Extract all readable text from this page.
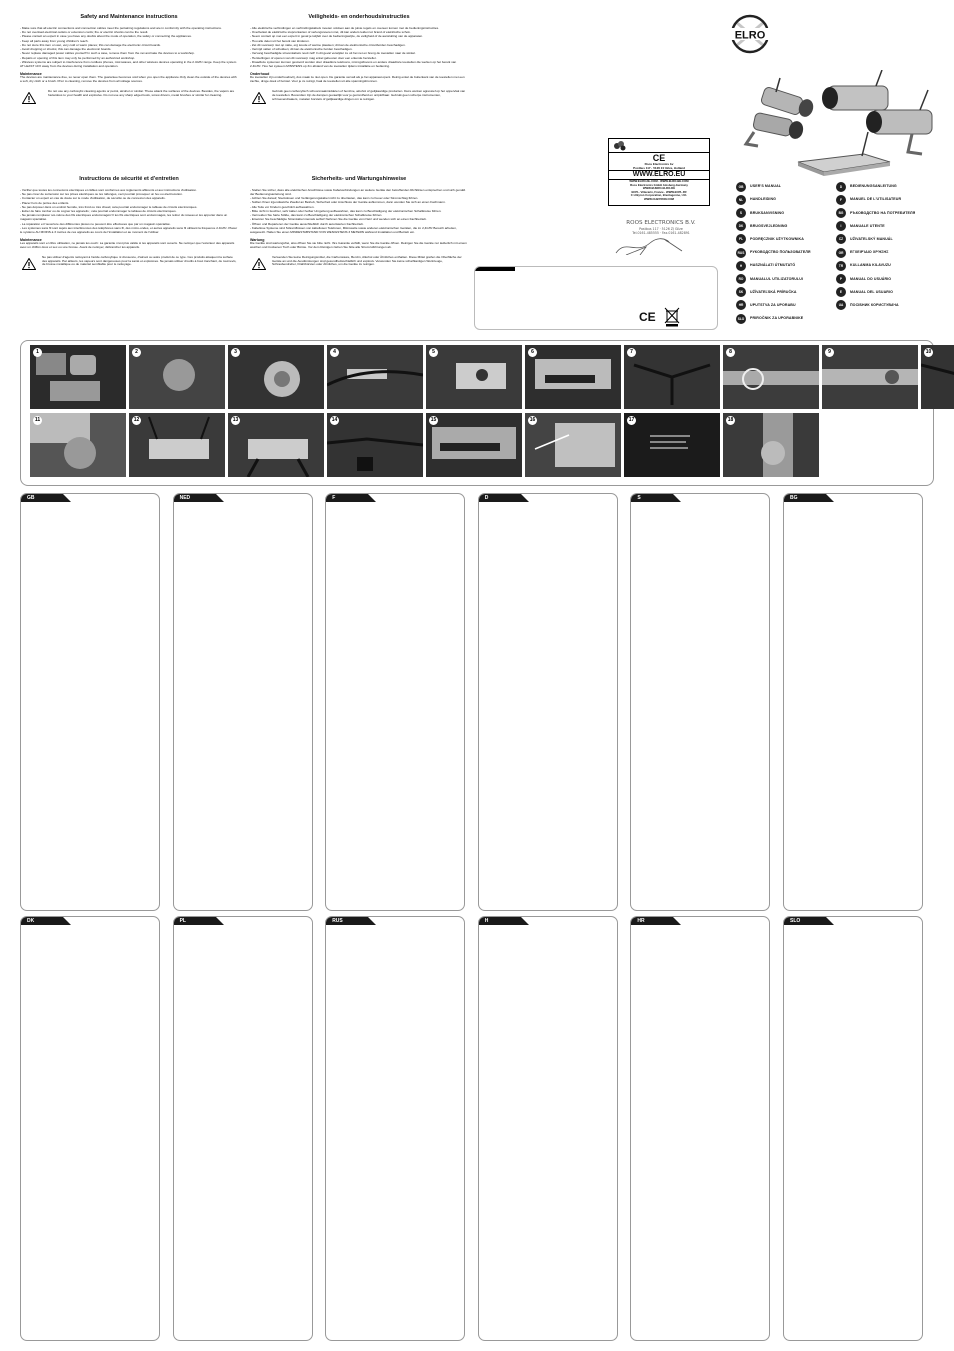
Safety and Maintenance instructions

- Make sure that all electric connections and connection cables meet the pertaining regulations and are in conformity with the operating instructions.

- Do not overload electrical outlets or extension cords; fire or electric shocks can be the result.

- Please contact an expert in case you have any doubts about the mode of operation, the safety or connecting the appliances.

- Keep all parts away from young children's reach.

- Do not store this item on wet, very cold or warm places; this can damage the electronic circuit boards.

- Avoid dropping or shocks; this can damage the electronic boards.

- Never replace damaged power cables yourself! In such a case, remove them from the net and take the devices to a workshop.

- Repairs or opening of this item may only be performed by an authorized workshop.

- Wireless systems are subject to interference from cordless phones, microwaves, and other wireless devices operating in the 2.4GHz range. Keep the system AT LEAST 10 ft away from the devices during installation and operation.

Maintenance

The devices are maintenance-free, so never open them. The guarantee becomes void when you open the appliance.Only clean the outside of the devices with a soft, dry cloth or a brush. Prior to cleaning, remove the devices from all voltage sources.

Do not use any carboxylic cleaning agents or petrol, alcohol or similar. These attack the surfaces of the devices. Besides, the vapors are hazardous to your health and explosive. Do not use any sharp edged tools, screw drivers, metal brushes or similar for cleaning.

Veiligheids- en onderhoudsinstructies

- Alle elektrische verbindingen en verbindingskabels moeten voldoen aan de juiste regels en overeen komen met de bedieningsinstructies.

- Overbelast de elektrische stopcontacten of verlengsnoeren niet, dit kan anders leiden tot brand of elektrische schok.

- Neem contact op met een expert in geval je twijfelt over de bedieningswijze, de veiligheid of de aansluiting van de apparaten.

- Hou alle delen uit het bereik van kinderen.

- Zet dit voorwerp niet op natte, erg koude of warme plaatsen; dit kan de elektronische circuitborden beschadigen.

- Vermijd vallen of schokken; dit kan de elektronische borden beschadigen.

- Vervang beschadigde stroomkabels nooit zelf! In dit geval verwijder ze uit het net en breng de toestellen naar de winkel.

- Herstellingen of openen van dit voorwerp mag enkel gebeuren door een erkende hersteller.

- Draadloze systemen kunnen gestoord worden door draadloze telefoons, microgolfovens en andere draadloze toestellen die werken op het bereik van 2.4GHz. Hou het systeem MINSTENS op 3m afstand van de toestellen tijdens installatie en bediening.

Onderhoud

De toestellen zijn onderhoudsvrij, dus maak ze niet open. De garantie vervalt als je het apparaat opent. Reinig enkel de buitenkant van de toestellen met een zachte, droge doek of borstel. Voor je ze reinigt, haal de toestellen uit alle spanningsbronnen.

Gebruik geen carboxylisch schoonmaakmiddelen of benzine, alcohol of gelijkaardige producten. Deze werken agressief op het oppervlak van de toestellen. Bovendien zijn de dampen gevaarlijk voor je gezondheid en ontplofbaar. Gebruik geen scherpe instrumenten, schroevendraaiers, metalen borstels of gelijkaardige dingen om te reinigen.

Instructions de sécurité et d'entretien

- Vérifier que toutes les connexions électriques et câbles sont conformes aux règlements afférents et aux instructions d'utilisation.

- Ne pas créer de surtension sur les prises électriques ou les rallonges, ceci pourrait provoquer un feu ou électrocution.

- Contacter un expert en cas de doute sur le mode d'utilisation, de sécurité ou de connexion des appareils.

- Placer hors de portée des enfants.

- Ne pas déposer dans un endroit humide, très froid ou très chaud, cela pourrait endommager le tableau de circuits électroniques.

- Eviter de faire tomber ou de cogner les appareils ; cela pourrait endommager le tableau de circuits électroniques.

- Ne jamais remplacer soi-même des fils électriques endommagés! Il les fils électriques sont endommagés, les retirer du réseau et les apporter dans un magasin spécialisé.

- La réparation et l'ouverture des différentes pièces ne peuvent être effectuées que par un magasin spécialisé.

- Les systèmes sans fil sont sujets aux interférences des téléphones sans fil, des micro-ondes, et autres appareils sans fil utilisant la fréquence 2.4GHz. Placer le système AU MOINS à 3 mètres de ces appareils au cours de l'installation et au moment de l'utiliser.

Maintenance

Les appareils sont en libre utilisation, ne jamais les ouvrir. La garantie n'est plus valide si les appareils sont ouverts. Ne nettoyer que l'extérieur des appareils avec un chiffon doux et sec ou une brosse. Avant de nettoyer, débrancher les appareils.

Ne pas utiliser d'agents nettoyant à l'acide carboxylique ni d'essence, d'alcool ou autre produit de ce type. Ces produits attaquent la surface des appareils. Par ailleurs, les vapeurs sont dangereuses pour la santé et explosives. Ne jamais utiliser d'outils à bout tranchant, de tournevis, de brosse métallique ou de matériel semblable pour le nettoyage.

Sicherheits- und Wartungshinweise

- Stellen Sie sicher, dass alle elektrischen Anschlüsse sowie Kabelverbindungen an weitere Geräte den betreffenden Richtlinien entsprechen und sich gemäß der Bedienungsanleitung sind.

- Achten Sie darauf, Steckdosen und Verlängerungskabel nicht zu überlasten, das kann zu Feuer oder Stromschlag führen.

- Sollten Ihnen irgendwelche Zweifel an Betrieb, Sicherheit oder Anschluss der Geräte aufkommen, dann wenden Sie sich an einen Fachmann.

- Alle Teile vor Kindern geschützt aufbewahren.

- Bitte nicht in feuchter, sehr kalter oder heißer Umgebung aufbewahren, das kann zu Beschädigung der elektronischen Schaltkreise führen.

- Vermeiden Sie harte Stöße, das kann zu Beschädigung der elektronischen Schaltkreise führen.

- Ersetzen Sie beschädigte Stromkabel niemals selbst! Nehmen Sie die Geräte vom Netz und wenden sich an einen Fachbetrieb.

- Öffnen und Reparieren der Geräte ausschließlich durch autorisierten Fachbetrieb.

- Kabellose Systeme sind Störeinflüssen von kabellosen Telefonen, Mikrowelle sowie anderen elektronischen Geräten, die im 2,4GHz Bereich arbeiten, ausgesetzt. Halten Sie einen MINDESTABSTAND VON WENIGSTENS 3 METERN während Installation und Betrieb ein.

Wartung

Die Geräte sind wartungsfrei, also öffnen Sie sie bitte nicht. Ihre Garantie verfällt, wenn Sie die Geräte öffnen. Reinigen Sie die Geräte nur äußerlich mit einem weichen und trockenen Tuch oder Bürste. Vor dem Reinigen ziehen Sie bitte alle Stromzuführungen ab.

Verwenden Sie keine Reinigungsmittel, die Carbonsäure, Benzin, Alkohol oder Ähnliches enthalten. Diese Mittel greifen die Oberfläche der Geräte an und die Ausdünstungen sind gesundheitsschädlich und explosiv. Verwenden Sie keine scharfkantigen Werkzeuge, Schraubendreher, Drahtbürsten oder Ähnliches, um die Geräte zu reinigen.

ELRO
CE
Roos Electronics bv
Postbus 117 · 5126 ZJ Gilze, Holland
WWW.ELRO.EU
WWW.ELRO-NL.COM · WWW.ELRO-BE.COM
Roos Electronics GmbH Amsberg-Germany
WWW.BUERO-ELRO-DE
ECPL. Villecarin, France · WWW.ECPL.FR
C H Byron Corporation, Brentagonne, U.K.
WWW.CHBYRON.COM
ROOS ELECTRONICS B.V.
Postbus 117 · 5126 ZJ Gilze
Tel.0161-485555 · Fax.0161-482891
GB	USER'S MANUAL	D	BEDIENUNGSANLEITUNG
NL	HANDLEIDING	F	MANUEL DE L'UTILISATEUR
S	BRUKSANVISNING	BG	РЪКОВОДСТВО НА ПОТРЕБИТЕЛЯ
DK	BRUGSVEJLEDNING	I	MANUALE UTENTE
PL	PODRĘCZNIK UŻYTKOWNIKA	CZ	UŽIVATELSKÝ MANUÁL
RUS	РУКОВОДСТВО ПОЛЬЗОВАТЕЛЯ	GR	ΕΓΧΕΙΡΊΔΙΟ ΧΡΉΣΗΣ
H	HASZNÁLATI ÚTMUTATÓ	TR	KULLANMA KILAVUZU
RO	MANUALUL UTILIZATORULUI	P	MANUAL DO USUÁRIO
SK	UŽÍVATEĽSKÁ PRÍRUČKA	E	MANUAL DEL USUARIO
HR	UPUTSTVA ZA UPORABU	UA	ПОСІБНИК КОРИСТУВАЧА
SLO	PRIROČNIK ZA UPORABNIKE
CE
1	2	3	4	5	6	7	8	9	10
11	12	13	14	15	16	17	18
GB	NED	F	D	S	BG
DK	PL	RUS	H	HR	SLO
